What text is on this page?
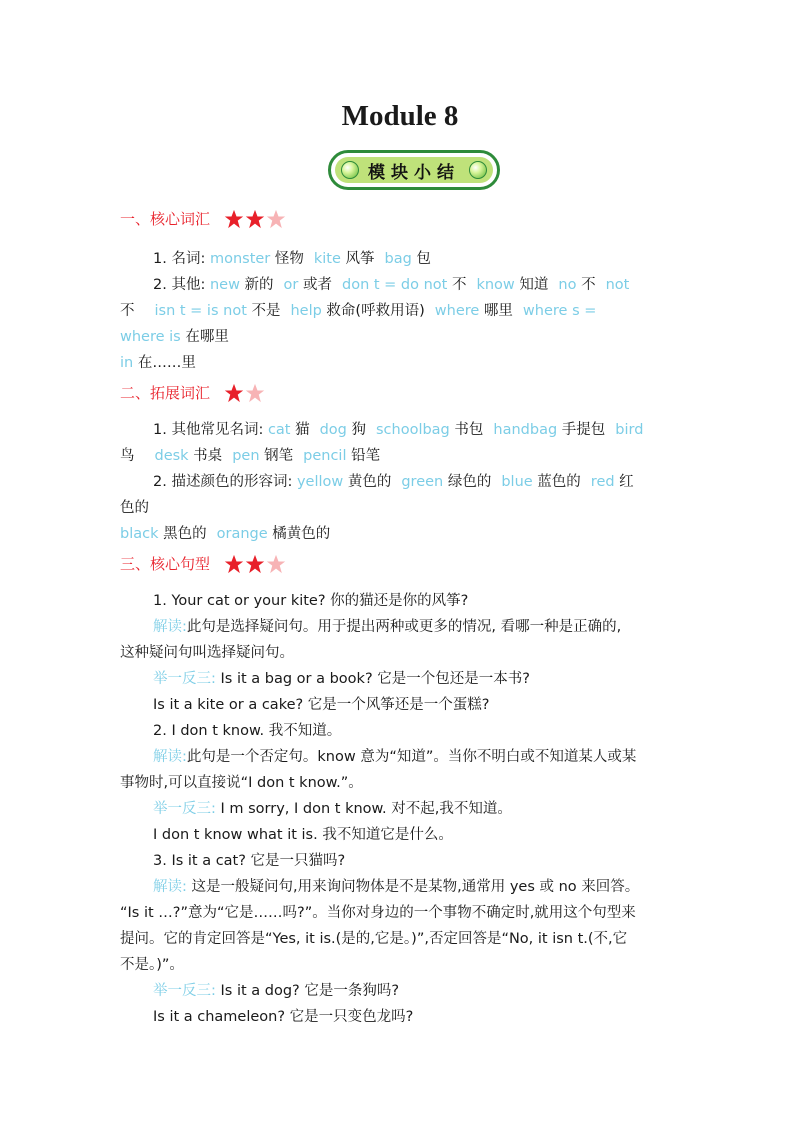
Module 8
模块小结
一、核心词汇
1. 名词: monster 怪物 kite 风筝 bag 包
2. 其他: new 新的 or 或者 don t = do not 不 know 知道 no 不 not
不 isn t = is not 不是 help 救命(呼救用语) where 哪里 where s =
where is 在哪里
in 在……里
二、拓展词汇
1. 其他常见名词: cat 猫 dog 狗 schoolbag 书包 handbag 手提包 bird
鸟 desk 书桌 pen 钢笔 pencil 铅笔
2. 描述颜色的形容词: yellow 黄色的 green 绿色的 blue 蓝色的 red 红
色的
black 黑色的 orange 橘黄色的
三、核心句型
1. Your cat or your kite? 你的猫还是你的风筝?
解读:此句是选择疑问句。用于提出两种或更多的情况, 看哪一种是正确的,
这种疑问句叫选择疑问句。
举一反三: Is it a bag or a book? 它是一个包还是一本书?
Is it a kite or a cake? 它是一个风筝还是一个蛋糕?
2. I don t know. 我不知道。
解读:此句是一个否定句。know 意为“知道”。当你不明白或不知道某人或某
事物时,可以直接说“I don t know.”。
举一反三: I m sorry, I don t know. 对不起,我不知道。
I don t know what it is. 我不知道它是什么。
3. Is it a cat? 它是一只猫吗?
解读: 这是一般疑问句,用来询问物体是不是某物,通常用 yes 或 no 来回答。
“Is it …?”意为“它是……吗?”。当你对身边的一个事物不确定时,就用这个句型来
提问。它的肯定回答是“Yes, it is.(是的,它是。)”,否定回答是“No, it isn t.(不,它
不是。)”。
举一反三: Is it a dog? 它是一条狗吗?
Is it a chameleon? 它是一只变色龙吗?
